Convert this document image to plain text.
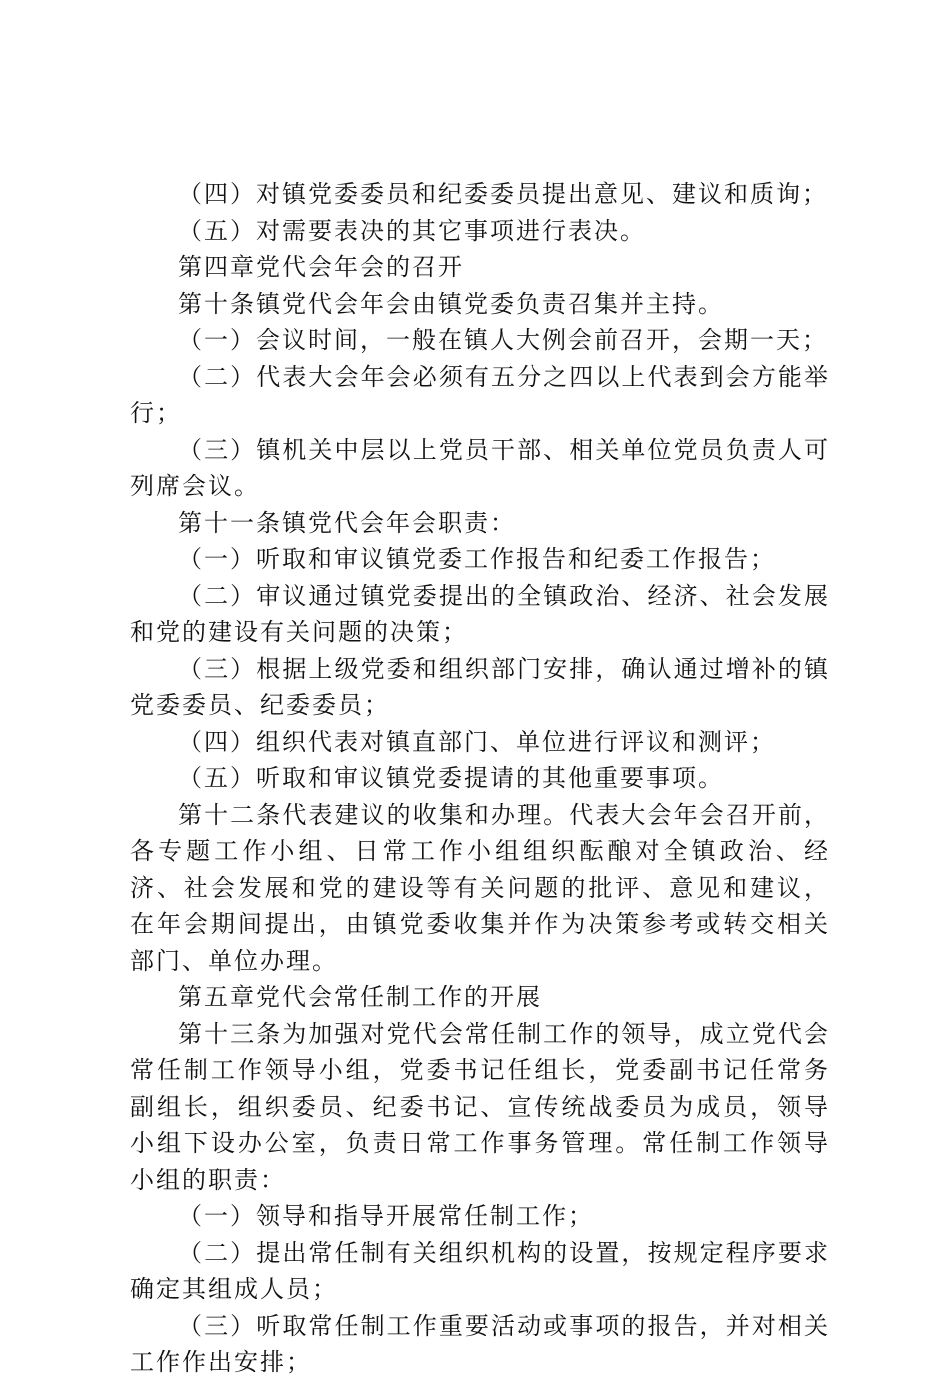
（四）对镇党委委员和纪委委员提出意见、建议和质询；

（五）对需要表决的其它事项进行表决。

第四章党代会年会的召开

第十条镇党代会年会由镇党委负责召集并主持。

（一）会议时间，一般在镇人大例会前召开，会期一天；

（二）代表大会年会必须有五分之四以上代表到会方能举行；

（三）镇机关中层以上党员干部、相关单位党员负责人可列席会议。

第十一条镇党代会年会职责：

（一）听取和审议镇党委工作报告和纪委工作报告；

（二）审议通过镇党委提出的全镇政治、经济、社会发展和党的建设有关问题的决策；

（三）根据上级党委和组织部门安排，确认通过增补的镇党委委员、纪委委员；

（四）组织代表对镇直部门、单位进行评议和测评；

（五）听取和审议镇党委提请的其他重要事项。

第十二条代表建议的收集和办理。代表大会年会召开前，各专题工作小组、日常工作小组组织酝酿对全镇政治、经济、社会发展和党的建设等有关问题的批评、意见和建议，在年会期间提出，由镇党委收集并作为决策参考或转交相关部门、单位办理。

第五章党代会常任制工作的开展

第十三条为加强对党代会常任制工作的领导，成立党代会常任制工作领导小组，党委书记任组长，党委副书记任常务副组长，组织委员、纪委书记、宣传统战委员为成员，领导小组下设办公室，负责日常工作事务管理。常任制工作领导小组的职责：

（一）领导和指导开展常任制工作；

（二）提出常任制有关组织机构的设置，按规定程序要求确定其组成人员；

（三）听取常任制工作重要活动或事项的报告，并对相关工作作出安排；
